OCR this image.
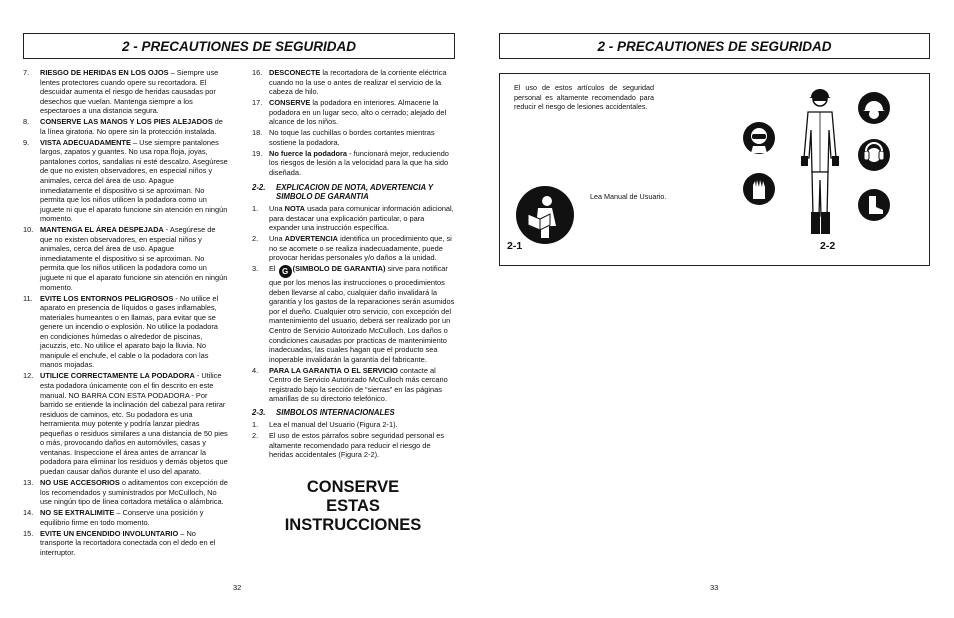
2 - PRECAUTIONES DE SEGURIDAD	2 - PRECAUTIONES DE SEGURIDAD
7.	RIESGO DE HERIDAS EN LOS OJOS – Siempre use lentes protectores cuando opere su recortadora. El descuidar aumenta el riesgo de heridas causadas por desechos que vuelan. Mantenga siempre a los espectaroes a una distancia segura.
8.	CONSERVE LAS MANOS Y LOS PIES ALEJADOS de la línea giratoria. No opere sin la protección instalada.
9.	VISTA ADECUADAMENTE – Use siempre pantalones largos, zapatos y guantes. No usa ropa floja, joyas, pantalones cortos, sandalias ni esté descalzo. Asegúrese de que no existen observadores, en especial niños y animales, cerca del área de uso. Apague inmediatamente el dispositivo si se aproximan. No permita que los niños utilicen la podadora como un juguete ni que el aparato funcione sin atención en ningún momento.
10. MANTENGA EL ÁREA DESPEJADA - Asegúrese de que no existen observadores, en especial niños y animales, cerca del área de uso. Apague inmediatamente el dispositivo si se aproximan. No permita que los niños utilicen la podadora como un juguete ni que el aparato funcione sin atención en ningún momento.
11. EVITE LOS ENTORNOS PELIGROSOS - No utilice el aparato en presencia de líquidos o gases inflamables, materiales humeantes o en llamas, para evitar que se genere un incendio o explosión. No utilice la podadora en condiciones húmedas o alrededor de piscinas, jacuzzis, etc. No utilice el aparato bajo la lluvia. No manipule el enchufe, el cable o la podadora con las manos mojadas.
12. UTILICE CORRECTAMENTE LA PODADORA - Utilice esta podadora únicamente con el fin descrito en este manual. NO BARRA CON ESTA PODADORA - Por barrido se entiende la inclinación del cabezal para retirar residuos de caminos, etc. Su podadora es una herramienta muy potente y podría lanzar piedras pequeñas o residuos similares a una distancia de 50 pies o más, provocando daños en automóviles, casas y ventanas. Inspeccione el área antes de arrancar la podadora para eliminar los residuos y demás objetos que puedan causar daños durante el uso del aparato.
13. NO USE ACCESORIOS o aditamentos con excepción de los recomendados y suministrados por McCulloch, No use ningún tipo de línea cortadora metálica o alámbrica.
14. NO SE EXTRALIMITE – Conserve una posición y equilibrio firme en todo momento.
15. EVITE UN ENCENDIDO INVOLUNTARIO – No transporte la recortadora conectada con el dedo en el interruptor.
16. DESCONECTE la recortadora de la corriente eléctrica cuando no la use o antes de realizar el servicio de la cabeza de hilo.
17. CONSERVE la podadora en interiores. Almacene la podadora en un lugar seco, alto o cerrado; alejado del alcance de los niños.
18. No toque las cuchillas o bordes cortantes mientras sostiene la podadora.
19. No fuerce la podadora - funcionará mejor, reduciendo los riesgos de lesión a la velocidad para la que ha sido diseñada.
2-2.	EXPLICACION DE NOTA, ADVERTENCIA Y SIMBOLO DE GARANTIA
1.	Una NOTA usada para comunicar información adicional, para destacar una explicación particular, o para expander una instrucción específica.
2.	Una ADVERTENCIA identifica un procedimiento que, si no se acomete o se realiza inadecuadamente, puede provocar heridas personales y/o daños a la unidad.
3.	El G (SIMBOLO DE GARANTIA) sirve para notificar que por los menos las instrucciones o procedimientos deben llevarse al cabo, cualquier daño invalidará la garantía y los gastos de la reparaciones serán asumidos por el dueño. Cualquier otro servicio, con excepción del mantenimiento del usuario, deberá ser realizado por un Centro de Servicio Autorizado McCulloch. Los daños o condiciones causadas por practicas de mantenimiento inadecuadas, las cuales hagan que el producto sea inoperable invalidarán la garantía del fabricante.
4.	PARA LA GARANTIA O EL SERVICIO contacte al Centro de Servicio Autorizado McCulloch más cercano registrado bajo la sección de “sierras” en las páginas amarillas de su directorio telefónico.
2-3.	SIMBOLOS INTERNACIONALES
1.	Lea el manual del Usuario (Figura 2-1).
2.	El uso de estos párrafos sobre seguridad personal es altamente recomendado para reducir el riesgo de heridas accidentales (Figura 2-2).
CONSERVE ESTAS
INSTRUCCIONES
32	33
El uso de estos artículos de seguridad personal es altamente recomendado para reducir el riesgo de lesiones accidentales.
Lea Manual de Usuario.
2-1	2-2
